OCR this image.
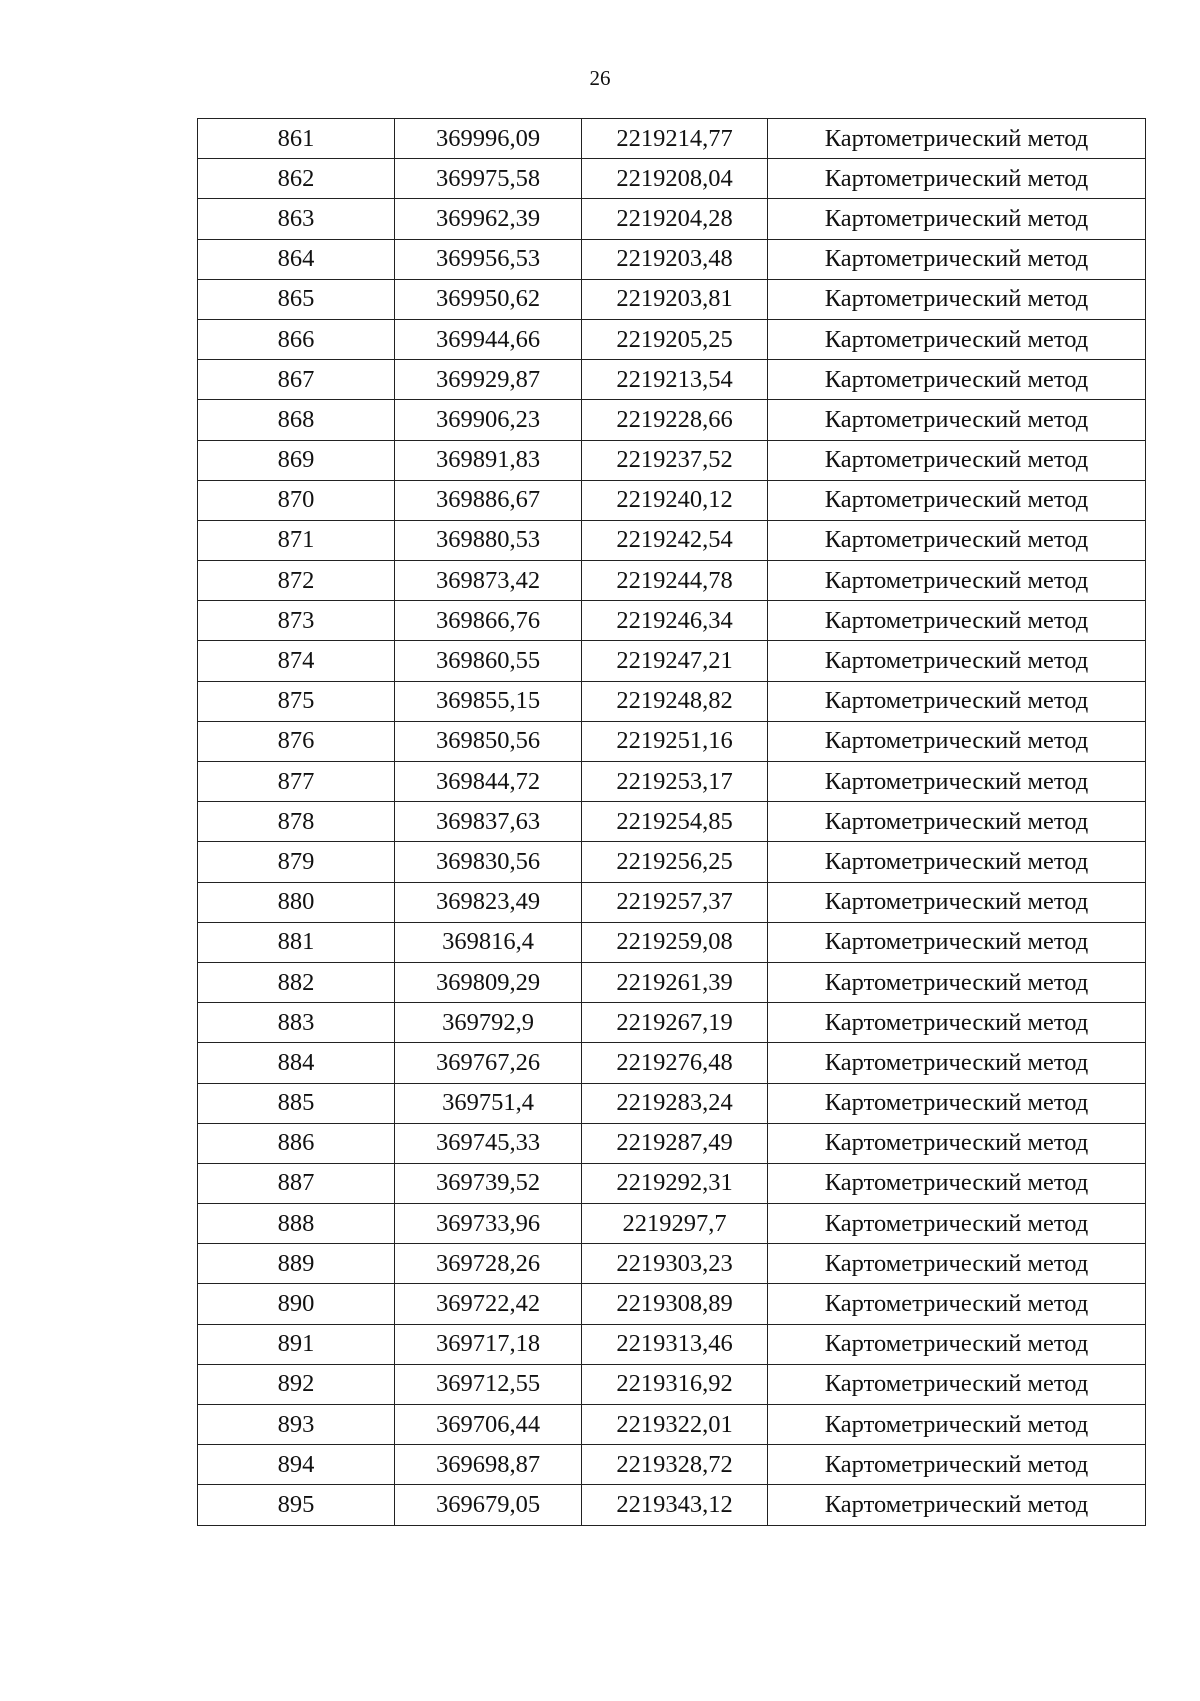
26
861	369996,09	2219214,77	Картометрический метод
862	369975,58	2219208,04	Картометрический метод
863	369962,39	2219204,28	Картометрический метод
864	369956,53	2219203,48	Картометрический метод
865	369950,62	2219203,81	Картометрический метод
866	369944,66	2219205,25	Картометрический метод
867	369929,87	2219213,54	Картометрический метод
868	369906,23	2219228,66	Картометрический метод
869	369891,83	2219237,52	Картометрический метод
870	369886,67	2219240,12	Картометрический метод
871	369880,53	2219242,54	Картометрический метод
872	369873,42	2219244,78	Картометрический метод
873	369866,76	2219246,34	Картометрический метод
874	369860,55	2219247,21	Картометрический метод
875	369855,15	2219248,82	Картометрический метод
876	369850,56	2219251,16	Картометрический метод
877	369844,72	2219253,17	Картометрический метод
878	369837,63	2219254,85	Картометрический метод
879	369830,56	2219256,25	Картометрический метод
880	369823,49	2219257,37	Картометрический метод
881	369816,4	2219259,08	Картометрический метод
882	369809,29	2219261,39	Картометрический метод
883	369792,9	2219267,19	Картометрический метод
884	369767,26	2219276,48	Картометрический метод
885	369751,4	2219283,24	Картометрический метод
886	369745,33	2219287,49	Картометрический метод
887	369739,52	2219292,31	Картометрический метод
888	369733,96	2219297,7	Картометрический метод
889	369728,26	2219303,23	Картометрический метод
890	369722,42	2219308,89	Картометрический метод
891	369717,18	2219313,46	Картометрический метод
892	369712,55	2219316,92	Картометрический метод
893	369706,44	2219322,01	Картометрический метод
894	369698,87	2219328,72	Картометрический метод
895	369679,05	2219343,12	Картометрический метод
